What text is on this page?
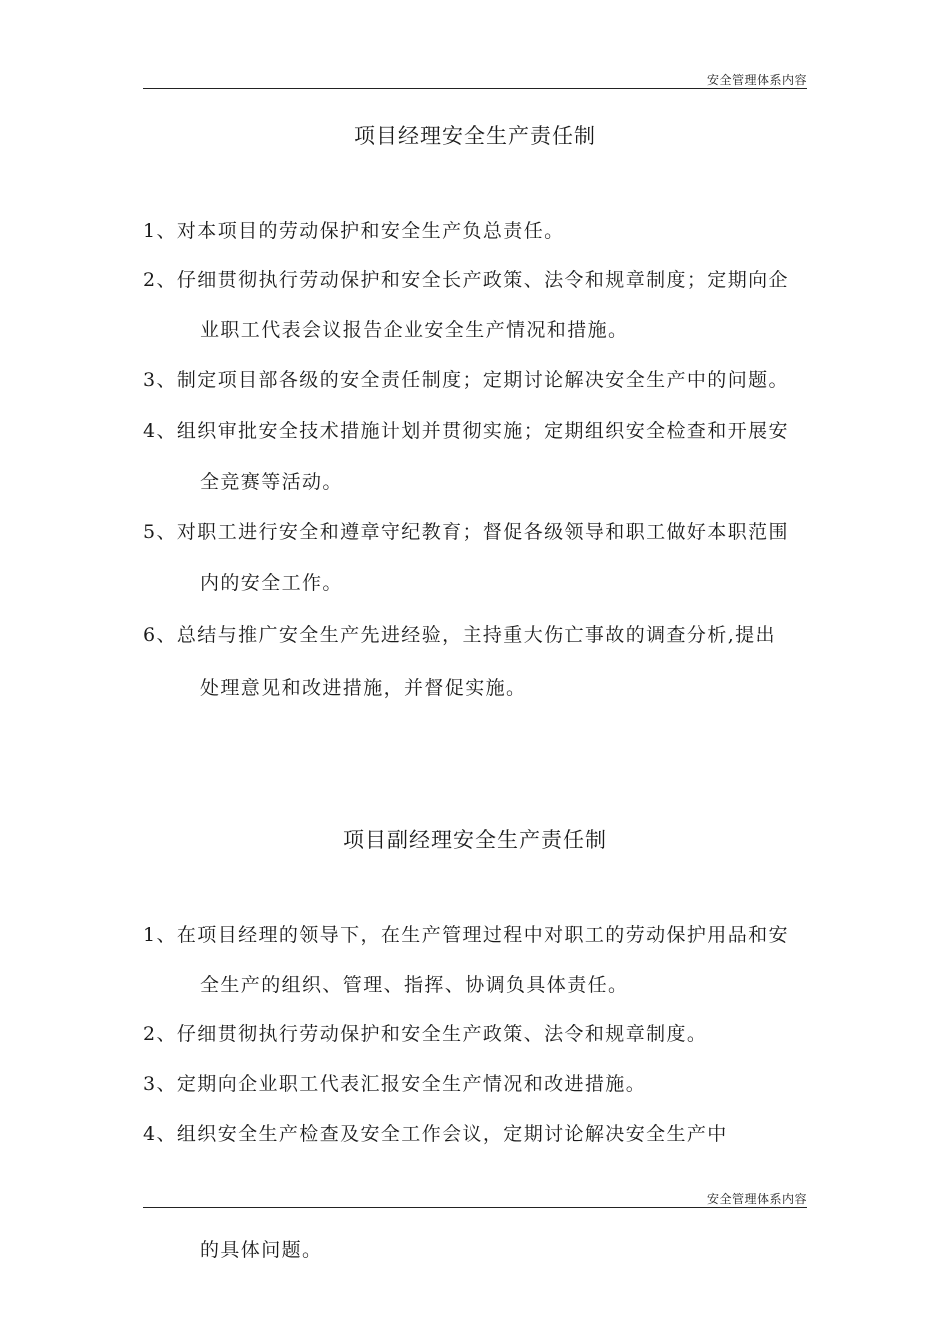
安全管理体系内容
项目经理安全生产责任制
1、对本项目的劳动保护和安全生产负总责任。
2、仔细贯彻执行劳动保护和安全长产政策、法令和规章制度；定期向企
业职工代表会议报告企业安全生产情况和措施。
3、制定项目部各级的安全责任制度；定期讨论解决安全生产中的问题。
4、组织审批安全技术措施计划并贯彻实施；定期组织安全检查和开展安
全竞赛等活动。
5、对职工进行安全和遵章守纪教育；督促各级领导和职工做好本职范围
内的安全工作。
6、总结与推广安全生产先进经验，主持重大伤亡事故的调查分析,提出
处理意见和改进措施，并督促实施。
项目副经理安全生产责任制
1、在项目经理的领导下，在生产管理过程中对职工的劳动保护用品和安
全生产的组织、管理、指挥、协调负具体责任。
2、仔细贯彻执行劳动保护和安全生产政策、法令和规章制度。
3、定期向企业职工代表汇报安全生产情况和改进措施。
4、组织安全生产检查及安全工作会议，定期讨论解决安全生产中
安全管理体系内容
的具体问题。
